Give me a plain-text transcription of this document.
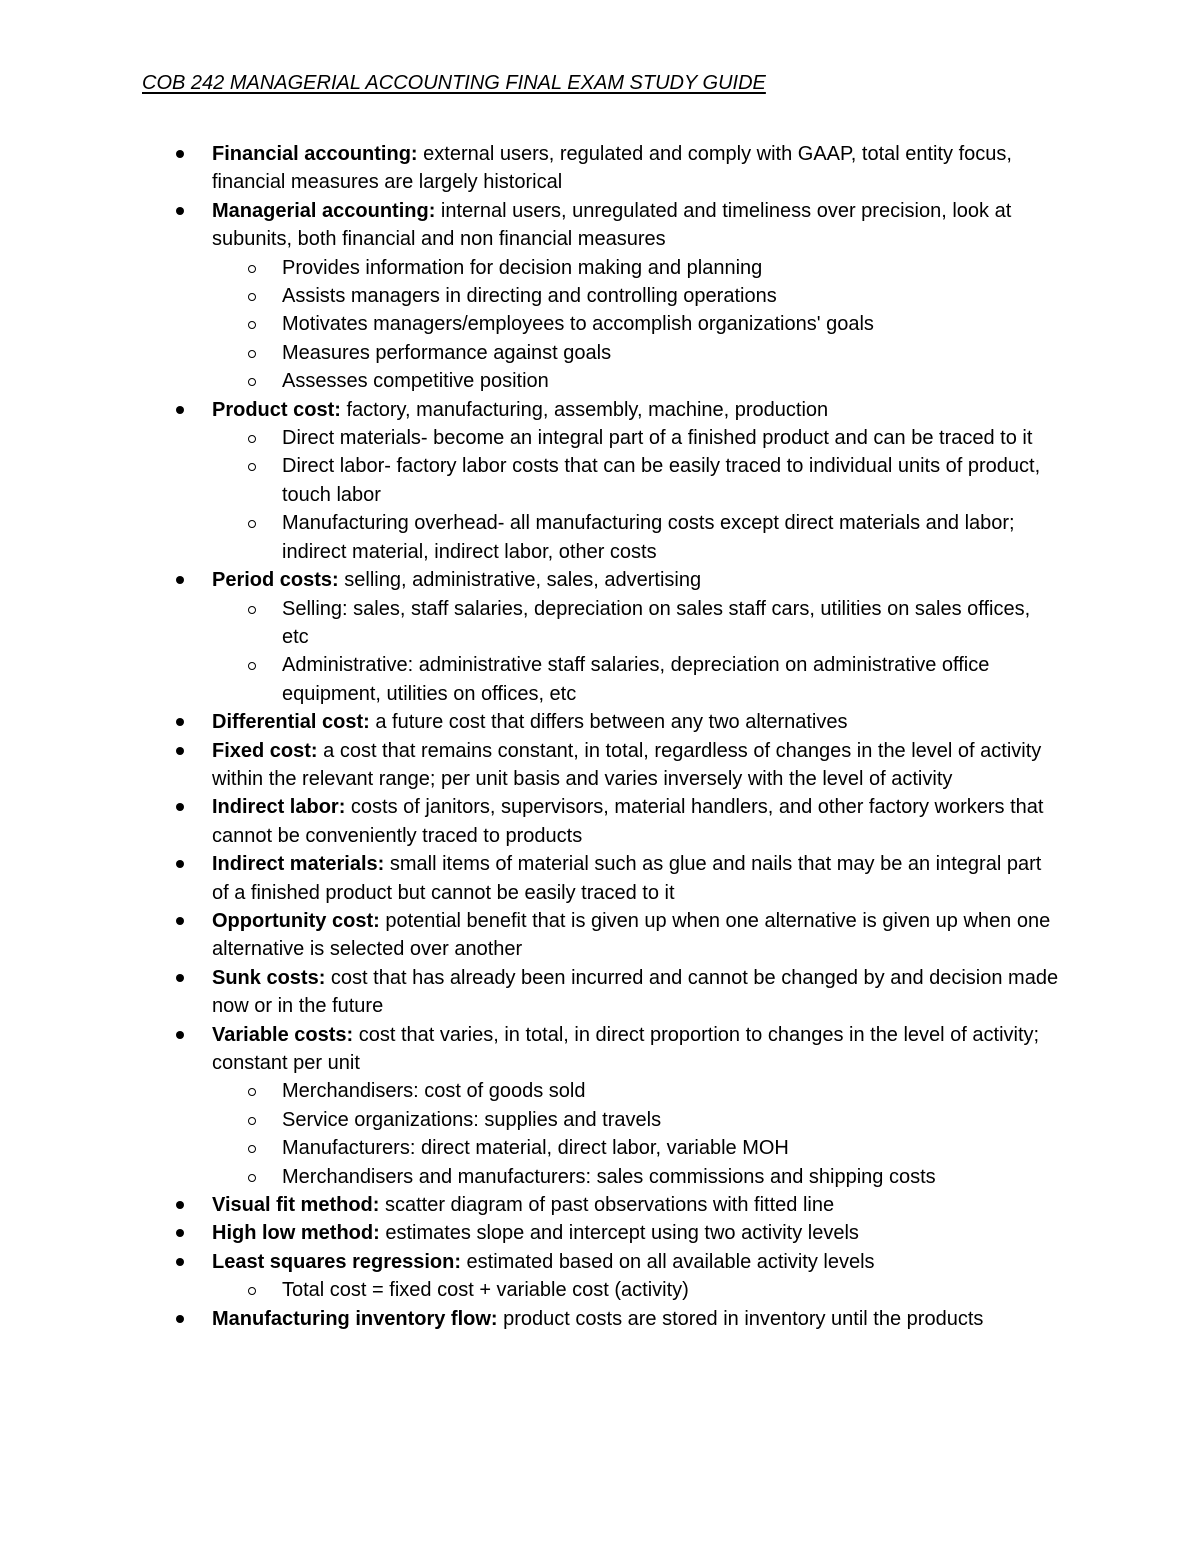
COB 242 MANAGERIAL ACCOUNTING FINAL EXAM STUDY GUIDE
Financial accounting: external users, regulated and comply with GAAP, total entity focus, financial measures are largely historical
Managerial accounting: internal users, unregulated and timeliness over precision, look at subunits, both financial and non financial measures
Provides information for decision making and planning
Assists managers in directing and controlling operations
Motivates managers/employees to accomplish organizations' goals
Measures performance against goals
Assesses competitive position
Product cost: factory, manufacturing, assembly, machine, production
Direct materials- become an integral part of a finished product and can be traced to it
Direct labor- factory labor costs that can be easily traced to individual units of product, touch labor
Manufacturing overhead- all manufacturing costs except direct materials and labor; indirect material, indirect labor, other costs
Period costs: selling, administrative, sales, advertising
Selling: sales, staff salaries, depreciation on sales staff cars, utilities on sales offices, etc
Administrative: administrative staff salaries, depreciation on administrative office equipment, utilities on offices, etc
Differential cost: a future cost that differs between any two alternatives
Fixed cost: a cost that remains constant, in total, regardless of changes in the level of activity within the relevant range; per unit basis and varies inversely with the level of activity
Indirect labor: costs of janitors, supervisors, material handlers, and other factory workers that cannot be conveniently traced to products
Indirect materials: small items of material such as glue and nails that may be an integral part of a finished product but cannot be easily traced to it
Opportunity cost: potential benefit that is given up when one alternative is given up when one alternative is selected over another
Sunk costs: cost that has already been incurred and cannot be changed by and decision made now or in the future
Variable costs: cost that varies, in total, in direct proportion to changes in the level of activity; constant per unit
Merchandisers: cost of goods sold
Service organizations: supplies and travels
Manufacturers: direct material, direct labor, variable MOH
Merchandisers and manufacturers: sales commissions and shipping costs
Visual fit method: scatter diagram of past observations with fitted line
High low method: estimates slope and intercept using two activity levels
Least squares regression: estimated based on all available activity levels
Total cost = fixed cost + variable cost (activity)
Manufacturing inventory flow: product costs are stored in inventory until the products
